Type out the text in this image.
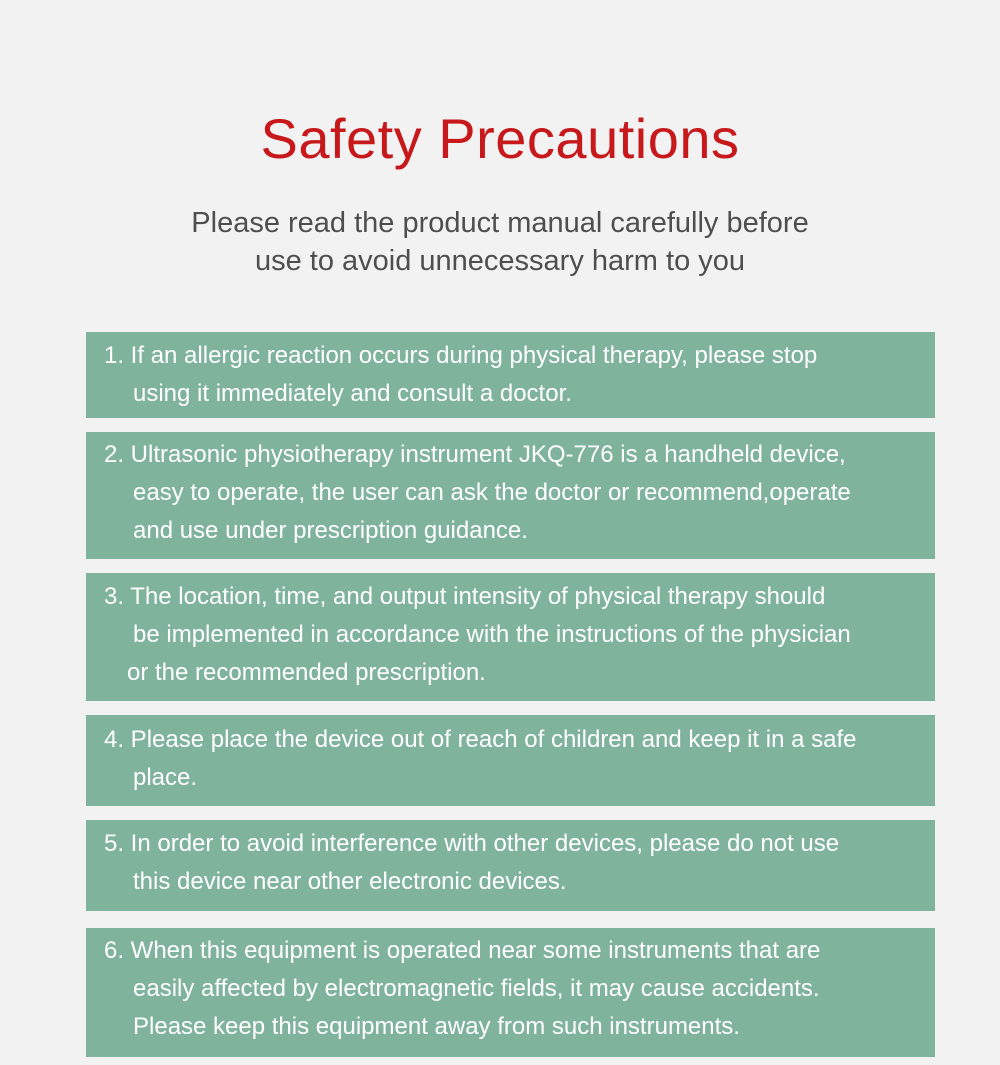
Safety Precautions
Please read the product manual carefully before
use to avoid unnecessary harm to you
1. If an allergic reaction occurs during physical therapy, please stop
using it immediately and consult a doctor.
2. Ultrasonic physiotherapy instrument JKQ-776 is a handheld device,
easy to operate, the user can ask the doctor or recommend,operate
and use under prescription guidance.
3. The location, time, and output intensity of physical therapy should
be implemented in accordance with the instructions of the physician
or the recommended prescription.
4. Please place the device out of reach of children and keep it in a safe
place.
5. In order to avoid interference with other devices, please do not use
this device near other electronic devices.
6. When this equipment is operated near some instruments that are
easily affected by electromagnetic fields, it may cause accidents.
Please keep this equipment away from such instruments.
